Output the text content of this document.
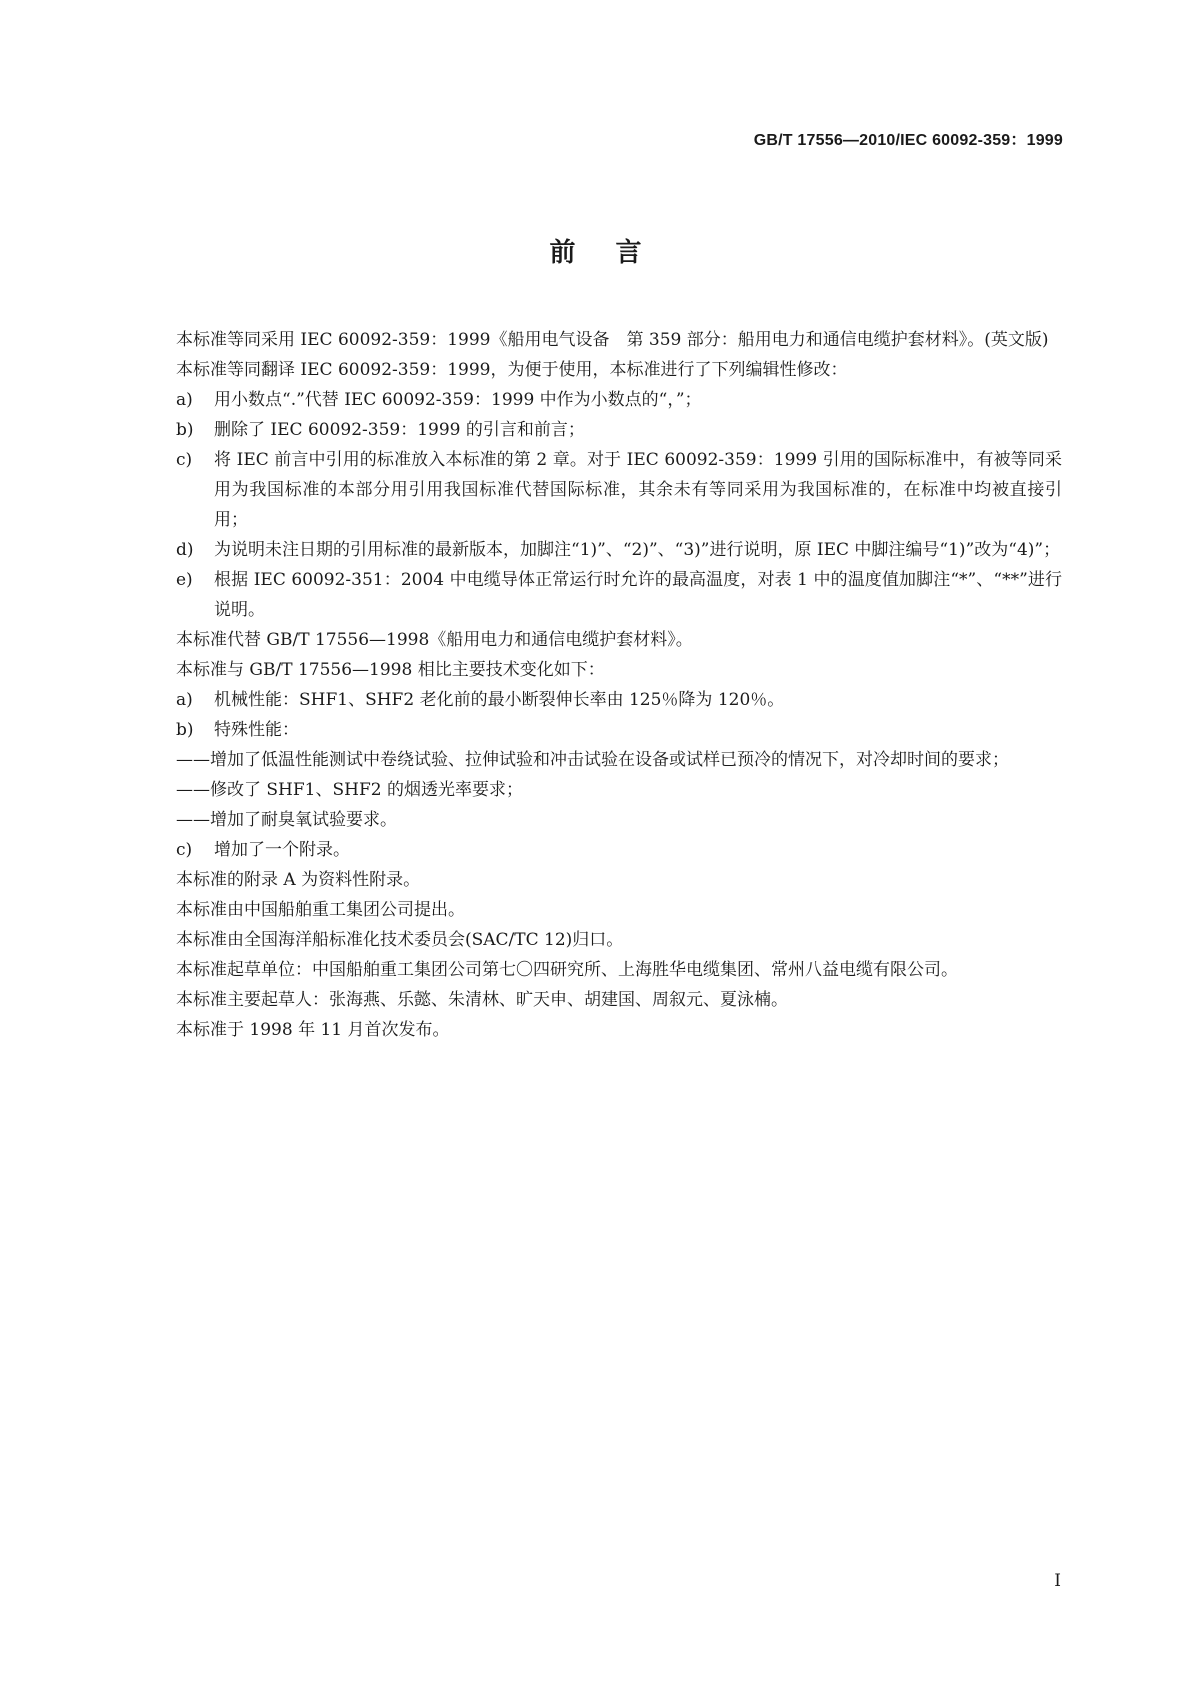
GB/T 17556—2010/IEC 60092-359：1999
前言

本标准等同采用 IEC 60092-359：1999《船用电气设备　第 359 部分：船用电力和通信电缆护套材料》。(英文版)

本标准等同翻译 IEC 60092-359：1999，为便于使用，本标准进行了下列编辑性修改：

a) 用小数点“.”代替 IEC 60092-359：1999 中作为小数点的“，”；

b) 删除了 IEC 60092-359：1999 的引言和前言；

c) 将 IEC 前言中引用的标准放入本标准的第 2 章。对于 IEC 60092-359：1999 引用的国际标准中，有被等同采用为我国标准的本部分用引用我国标准代替国际标准，其余未有等同采用为我国标准的，在标准中均被直接引用；

d) 为说明未注日期的引用标准的最新版本，加脚注“1)”、“2)”、“3)”进行说明，原 IEC 中脚注编号“1)”改为“4)”；

e) 根据 IEC 60092-351：2004 中电缆导体正常运行时允许的最高温度，对表 1 中的温度值加脚注“*”、“**”进行说明。

本标准代替 GB/T 17556—1998《船用电力和通信电缆护套材料》。

本标准与 GB/T 17556—1998 相比主要技术变化如下：

a) 机械性能：SHF1、SHF2 老化前的最小断裂伸长率由 125％降为 120％。

b) 特殊性能：

——增加了低温性能测试中卷绕试验、拉伸试验和冲击试验在设备或试样已预冷的情况下，对冷却时间的要求；

——修改了 SHF1、SHF2 的烟透光率要求；

——增加了耐臭氧试验要求。

c) 增加了一个附录。

本标准的附录 A 为资料性附录。

本标准由中国船舶重工集团公司提出。

本标准由全国海洋船标准化技术委员会(SAC/TC 12)归口。

本标准起草单位：中国船舶重工集团公司第七〇四研究所、上海胜华电缆集团、常州八益电缆有限公司。

本标准主要起草人：张海燕、乐懿、朱清林、旷天申、胡建国、周叙元、夏泳楠。

本标准于 1998 年 11 月首次发布。

I
